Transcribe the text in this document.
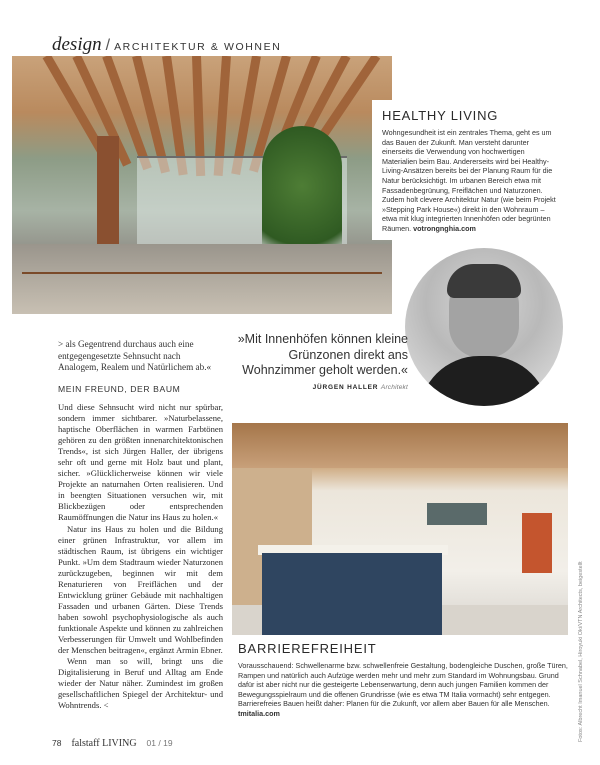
design / ARCHITEKTUR & WOHNEN
HEALTHY LIVING

Wohngesundheit ist ein zentrales Thema, geht es um das Bauen der Zukunft. Man versteht darunter einerseits die Verwendung von hochwertigen Materialien beim Bau. Andererseits wird bei Healthy-Living-Ansätzen bereits bei der Planung Raum für die Natur berücksichtigt. Im urbanen Bereich etwa mit Fassadenbegrünung, Freiflächen und Naturzonen. Zudem holt clevere Architektur Natur (wie beim Projekt »Stepping Park House«) direkt in den Wohnraum – etwa mit klug integrierten Innenhöfen oder begrünten Räumen. votrongnghia.com

»Mit Innenhöfen können kleine Grünzonen direkt ans Wohnzimmer geholt werden.«
JÜRGEN HALLER Architekt
> als Gegentrend durchaus auch eine entgegengesetzte Sehnsucht nach Analogem, Realem und Natürlichem ab.«
MEIN FREUND, DER BAUM

Und diese Sehnsucht wird nicht nur spürbar, sondern immer sichtbarer. »Naturbelassene, haptische Oberflächen in warmen Farbtönen gehören zu den größten innenarchitektonischen Trends«, ist sich Jürgen Haller, der übrigens sehr oft und gerne mit Holz baut und plant, sicher. »Glücklicherweise können wir viele Projekte an naturnahen Orten realisieren. Und in beengten Situationen versuchen wir, mit Blickbezügen oder entsprechenden Raumöffnungen die Natur ins Haus zu holen.«

Natur ins Haus zu holen und die Bildung einer grünen Infrastruktur, vor allem im städtischen Raum, ist übrigens ein wichtiger Punkt. »Um dem Stadtraum wieder Naturzonen zurückzugeben, beginnen wir mit dem Renaturieren von Freiflächen und der Entwicklung grüner Gebäude mit nachhaltigen Fassaden und urbanen Gärten. Diese Trends haben sowohl psychophysiologische als auch funktionale Aspekte und können zu zahlreichen Verbesserungen für Umwelt und Wohlbefinden der Menschen beitragen«, ergänzt Armin Ebner.

Wenn man so will, bringt uns die Digitalisierung in Beruf und Alltag am Ende wieder der Natur näher. Zumindest im großen gesellschaftlichen Spiegel der Architektur- und Wohntrends. <

BARRIEREFREIHEIT

Vorausschauend: Schwellenarme bzw. schwellenfreie Gestaltung, bodengleiche Duschen, große Türen, Rampen und natürlich auch Aufzüge werden mehr und mehr zum Standard im Wohnungsbau. Grund dafür ist aber nicht nur die gesteigerte Lebenserwartung, denn auch jungen Familien kommen der Bewegungsspielraum und die offenen Grundrisse (wie es etwa TM Italia vormacht) sehr entgegen. Barrierefreies Bauen heißt daher: Planen für die Zukunft, vor allem aber Bauen für alle Menschen. tmitalia.com	Fotos: Albrecht Imanuel Schnabel, Hiroyuki Oki/VTN Architects, beigestellt
78 falstaff LIVING 01 / 19
